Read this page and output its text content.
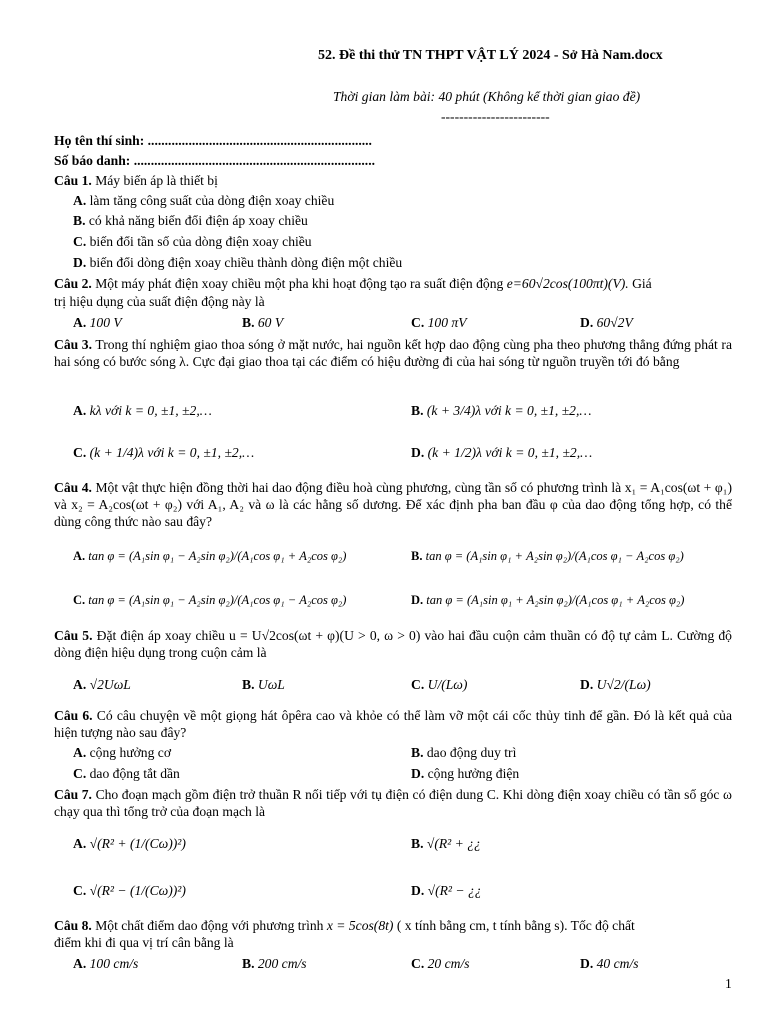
52. Đề thi thử TN THPT VẬT LÝ 2024 - Sở Hà Nam.docx
Thời gian làm bài: 40 phút (Không kể thời gian giao đề)
------------------------
Họ tên thí sinh: ..................................................................
Số báo danh: .......................................................................
Câu 1. Máy biến áp là thiết bị
A. làm tăng công suất của dòng điện xoay chiều
B. có khả năng biến đổi điện áp xoay chiều
C. biến đổi tần số của dòng điện xoay chiều
D. biến đổi dòng điện xoay chiều thành dòng điện một chiều
Câu 2. Một máy phát điện xoay chiều một pha khi hoạt động tạo ra suất điện động e=60√2cos(100πt)(V). Giá
trị hiệu dụng của suất điện động này là
A. 100 V	B. 60 V	C. 100 πV	D. 60√2V
Câu 3. Trong thí nghiệm giao thoa sóng ở mặt nước, hai nguồn kết hợp dao động cùng pha theo phương thẳng đứng phát ra hai sóng có bước sóng λ. Cực đại giao thoa tại các điểm có hiệu đường đi của hai sóng từ nguồn truyền tới đó bằng
A. kλ với k = 0, ±1, ±2,…	B. (k + 3/4)λ với k = 0, ±1, ±2,…
C. (k + 1/4)λ với k = 0, ±1, ±2,…	D. (k + 1/2)λ với k = 0, ±1, ±2,…
Câu 4. Một vật thực hiện đồng thời hai dao động điều hoà cùng phương, cùng tần số có phương trình là x₁ = A₁cos(ωt + φ₁) và x₂ = A₂cos(ωt + φ₂) với A₁, A₂ và ω là các hằng số dương. Để xác định pha ban đầu φ của dao động tổng hợp, có thể dùng công thức nào sau đây?
A. tan φ = (A₁sin φ₁ − A₂sin φ₂)/(A₁cos φ₁ + A₂cos φ₂)	B. tan φ = (A₁sin φ₁ + A₂sin φ₂)/(A₁cos φ₁ − A₂cos φ₂)
C. tan φ = (A₁sin φ₁ − A₂sin φ₂)/(A₁cos φ₁ − A₂cos φ₂)	D. tan φ = (A₁sin φ₁ + A₂sin φ₂)/(A₁cos φ₁ + A₂cos φ₂)
Câu 5. Đặt điện áp xoay chiều u = U√2cos(ωt + φ)(U > 0, ω > 0) vào hai đầu cuộn cảm thuần có độ tự cảm L. Cường độ dòng điện hiệu dụng trong cuộn cảm là
A. √2UωL	B. UωL	C. U/(Lω)	D. U√2/(Lω)
Câu 6. Có câu chuyện về một giọng hát ôpêra cao và khỏe có thể làm vỡ một cái cốc thủy tinh để gần. Đó là kết quả của hiện tượng nào sau đây?
A. cộng hưởng cơ	B. dao động duy trì
C. dao động tắt dần	D. cộng hưởng điện
Câu 7. Cho đoạn mạch gồm điện trở thuần R nối tiếp với tụ điện có điện dung C. Khi dòng điện xoay chiều có tần số góc ω chạy qua thì tổng trở của đoạn mạch là
A. √(R² + (1/(Cω))²)	B. √(R² + ¿¿
C. √(R² − (1/(Cω))²)	D. √(R² − ¿¿
Câu 8. Một chất điểm dao động với phương trình x = 5cos(8t) ( x tính bằng cm, t tính bằng s). Tốc độ chất
điểm khi đi qua vị trí cân bằng là
A. 100 cm/s	B. 200 cm/s	C. 20 cm/s	D. 40 cm/s
1
